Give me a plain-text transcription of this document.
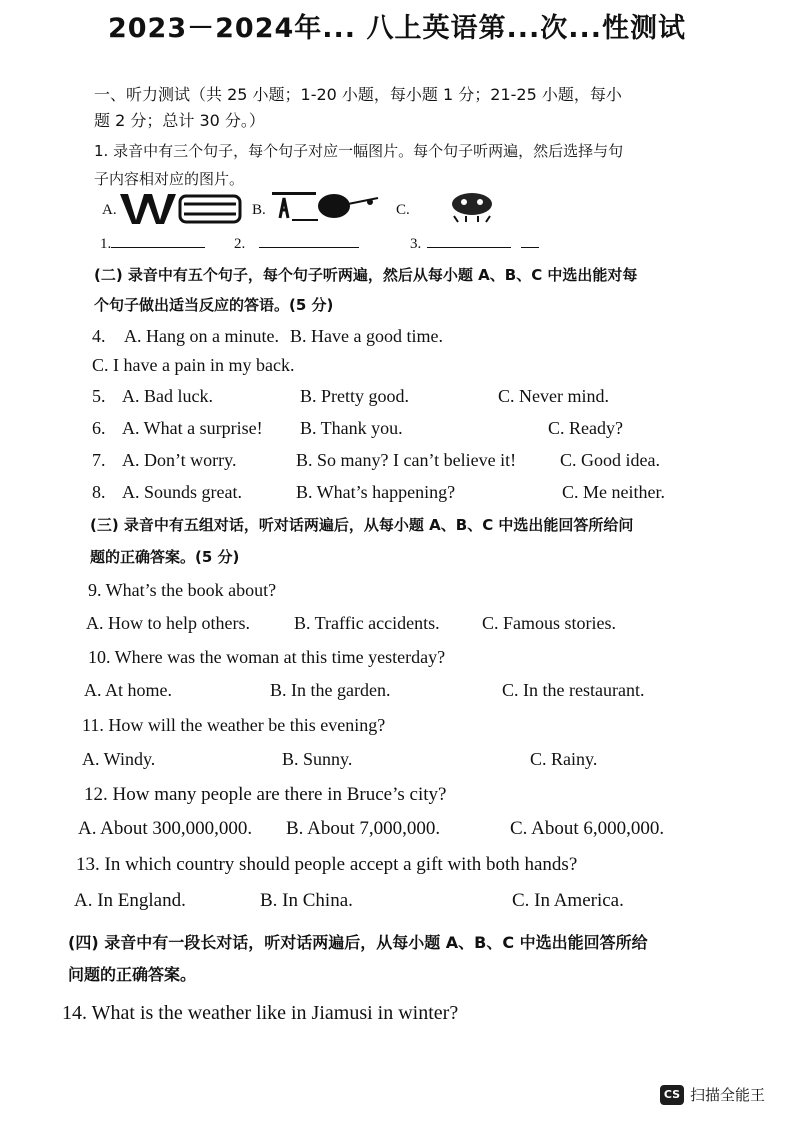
2023－2024年... 八上英语第...次...性测试
一、听力测试（共 25 小题；1-20 小题，每小题 1 分；21-25 小题，每小
题 2 分；总计 30 分。）
1. 录音中有三个句子，每个句子对应一幅图片。每个句子听两遍，然后选择与句
子内容相对应的图片。
A.	B.	C.
1.	2.	3.
(二) 录音中有五个句子，每个句子听两遍，然后从每小题 A、B、C 中选出能对每
个句子做出适当反应的答语。(5 分)
4. A. Hang on a minute. B. Have a good time.
C. I have a pain in my back.
5. A. Bad luck.	B. Pretty good.	C. Never mind.
6. A. What a surprise! B. Thank you.	C. Ready?
7. A. Don’t worry.	B. So many? I can’t believe it! C. Good idea.
8. A. Sounds great.	B. What’s happening?	C. Me neither.
(三) 录音中有五组对话，听对话两遍后，从每小题 A、B、C 中选出能回答所给问
题的正确答案。(5 分)
9. What’s the book about?
A. How to help others. B. Traffic accidents. C. Famous stories.
10. Where was the woman at this time yesterday?
A. At home.	B. In the garden.	C. In the restaurant.
11. How will the weather be this evening?
A. Windy.	B. Sunny.	C. Rainy.
12. How many people are there in Bruce’s city?
A. About 300,000,000. B. About 7,000,000.	C. About 6,000,000.
13. In which country should people accept a gift with both hands?
A. In England.	B. In China.	C. In America.
(四) 录音中有一段长对话，听对话两遍后，从每小题 A、B、C 中选出能回答所给
问题的正确答案。
14. What is the weather like in Jiamusi in winter?
CS 扫描全能王
